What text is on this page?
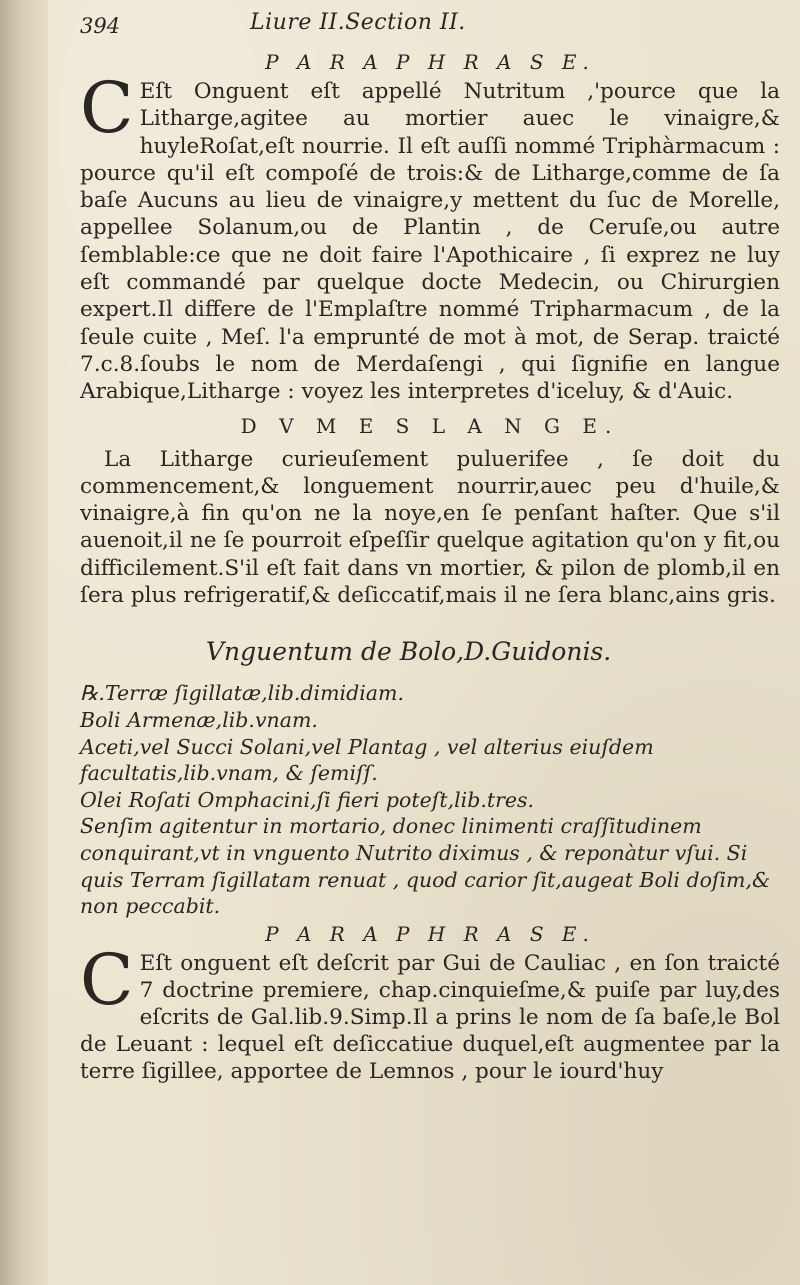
394	Liure II.Section II.
P A R A P H R A S E.

C Eſt Onguent eſt appellé Nutritum ,'pource que la Litharge,agitee au mortier auec le vinaigre,& huyleRoſat,eſt nourrie. Il eſt auſſi nommé Triphàrmacum : pource qu'il eſt compoſé de trois:& de Litharge,comme de ſa baſe Aucuns au lieu de vinaigre,y mettent du ſuc de Morelle, appellee Solanum,ou de Plantin , de Ceruſe,ou autre ſemblable:ce que ne doit faire l'Apothicaire , ſi exprez ne luy eſt commandé par quelque docte Medecin, ou Chirurgien expert.Il differe de l'Emplaſtre nommé Tripharmacum , de la ſeule cuite , Meſ. l'a emprunté de mot à mot, de Serap. traicté 7.c.8.ſoubs le nom de Merdaſengi , qui ſignifie en langue Arabique,Litharge : voyez les interpretes d'iceluy, & d'Auic.

D V M E S L A N G E.

La Litharge curieuſement puluerifee , ſe doit du commencement,& longuement nourrir,auec peu d'huile,& vinaigre,à fin qu'on ne la noye,en ſe penſant haſter. Que s'il auenoit,il ne ſe pourroit eſpeſſir quelque agitation qu'on y fit,ou difficilement.S'il eſt fait dans vn mortier, & pilon de plomb,il en ſera plus refrigeratif,& deſiccatif,mais il ne ſera blanc,ains gris.

Vnguentum de Bolo,D.Guidonis.
℞.Terræ ſigillatæ,lib.dimidiam.
Boli Armenæ,lib.vnam.
Aceti,vel Succi Solani,vel Plantag , vel alterius eiuſdem facultatis,lib.vnam, & ſemiſſ.
Olei Roſati Omphacini,ſi fieri poteſt,lib.tres.
Senſim agitentur in mortario, donec linimenti craſſitudinem conquirant,vt in vnguento Nutrito diximus , & reponàtur vſui. Si quis Terram ſigillatam renuat , quod carior ſit,augeat Boli doſim,& non peccabit.
P A R A P H R A S E.

C Eſt onguent eſt deſcrit par Gui de Cauliac , en ſon traicté 7 doctrine premiere, chap.cinquieſme,& puiſe par luy,des eſcrits de Gal.lib.9.Simp.Il a prins le nom de ſa baſe,le Bol de Leuant : lequel eſt deſiccatiue duquel,eſt augmentee par la terre ſigillee, apportee de Lemnos , pour le iourd'huy
